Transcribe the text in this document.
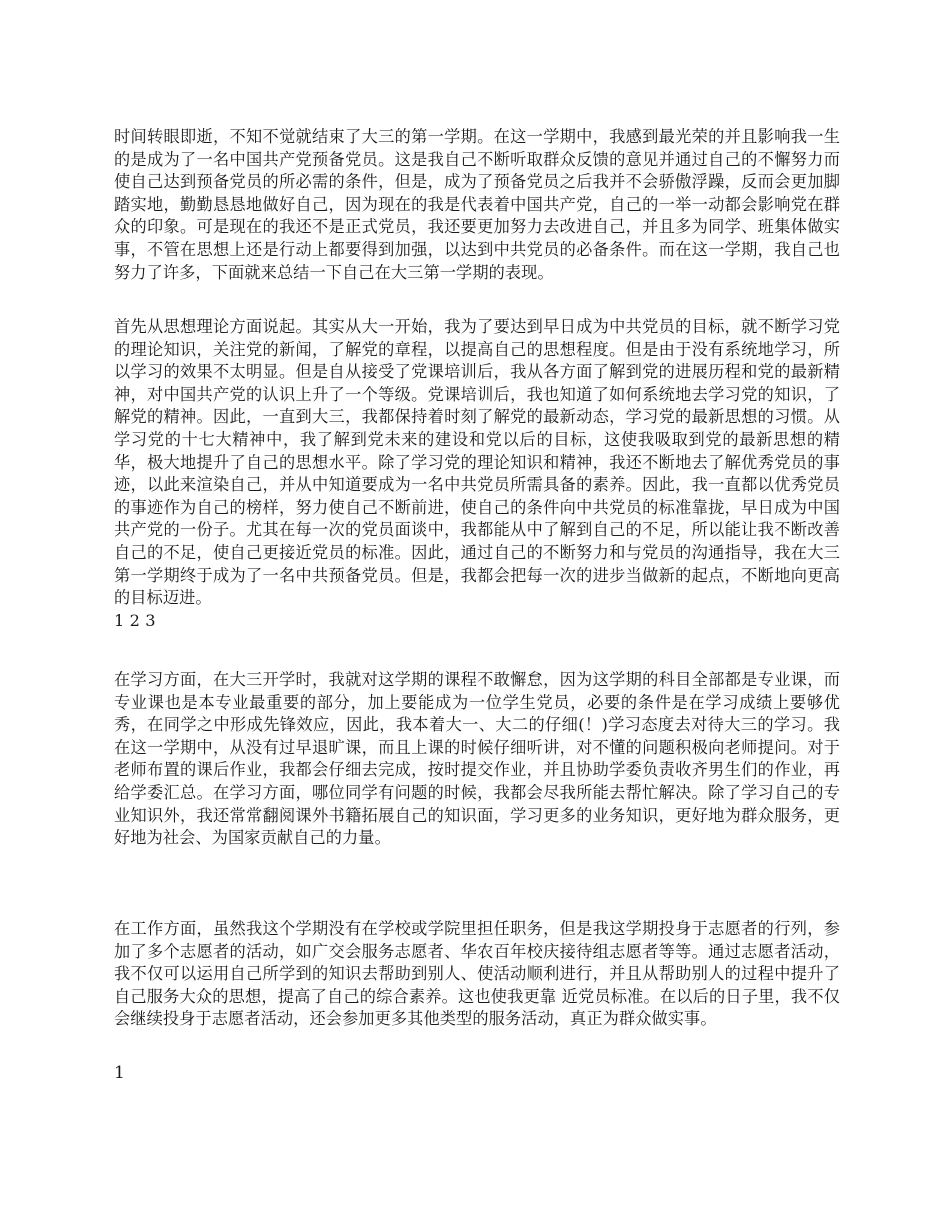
时间转眼即逝，不知不觉就结束了大三的第一学期。在这一学期中，我感到最光荣的并且影响我一生的是成为了一名中国共产党预备党员。这是我自己不断听取群众反馈的意见并通过自己的不懈努力而使自己达到预备党员的所必需的条件，但是，成为了预备党员之后我并不会骄傲浮躁，反而会更加脚踏实地，勤勤恳恳地做好自己，因为现在的我是代表着中国共产党，自己的一举一动都会影响党在群众的印象。可是现在的我还不是正式党员，我还要更加努力去改进自己，并且多为同学、班集体做实事，不管在思想上还是行动上都要得到加强，以达到中共党员的必备条件。而在这一学期，我自己也努力了许多，下面就来总结一下自己在大三第一学期的表现。

首先从思想理论方面说起。其实从大一开始，我为了要达到早日成为中共党员的目标，就不断学习党的理论知识，关注党的新闻，了解党的章程，以提高自己的思想程度。但是由于没有系统地学习，所以学习的效果不太明显。但是自从接受了党课培训后，我从各方面了解到党的进展历程和党的最新精神，对中国共产党的认识上升了一个等级。党课培训后，我也知道了如何系统地去学习党的知识，了解党的精神。因此，一直到大三，我都保持着时刻了解党的最新动态，学习党的最新思想的习惯。从学习党的十七大精神中，我了解到党未来的建设和党以后的目标，这使我吸取到党的最新思想的精华，极大地提升了自己的思想水平。除了学习党的理论知识和精神，我还不断地去了解优秀党员的事迹，以此来渲染自己，并从中知道要成为一名中共党员所需具备的素养。因此，我一直都以优秀党员的事迹作为自己的榜样，努力使自己不断前进，使自己的条件向中共党员的标准靠拢，早日成为中国共产党的一份子。尤其在每一次的党员面谈中，我都能从中了解到自己的不足，所以能让我不断改善自己的不足，使自己更接近党员的标准。因此，通过自己的不断努力和与党员的沟通指导，我在大三第一学期终于成为了一名中共预备党员。但是，我都会把每一次的进步当做新的起点，不断地向更高的目标迈进。

1 2 3

在学习方面，在大三开学时，我就对这学期的课程不敢懈怠，因为这学期的科目全部都是专业课，而专业课也是本专业最重要的部分，加上要能成为一位学生党员，必要的条件是在学习成绩上要够优秀，在同学之中形成先锋效应，因此，我本着大一、大二的仔细(！)学习态度去对待大三的学习。我在这一学期中，从没有过早退旷课，而且上课的时候仔细听讲，对不懂的问题积极向老师提问。对于老师布置的课后作业，我都会仔细去完成，按时提交作业，并且协助学委负责收齐男生们的作业，再给学委汇总。在学习方面，哪位同学有问题的时候，我都会尽我所能去帮忙解决。除了学习自己的专业知识外，我还常常翻阅课外书籍拓展自己的知识面，学习更多的业务知识，更好地为群众服务，更好地为社会、为国家贡献自己的力量。

在工作方面，虽然我这个学期没有在学校或学院里担任职务，但是我这学期投身于志愿者的行列，参加了多个志愿者的活动，如广交会服务志愿者、华农百年校庆接待组志愿者等等。通过志愿者活动，我不仅可以运用自己所学到的知识去帮助到别人、使活动顺利进行，并且从帮助别人的过程中提升了自己服务大众的思想，提高了自己的综合素养。这也使我更靠 近党员标准。在以后的日子里，我不仅会继续投身于志愿者活动，还会参加更多其他类型的服务活动，真正为群众做实事。

1
